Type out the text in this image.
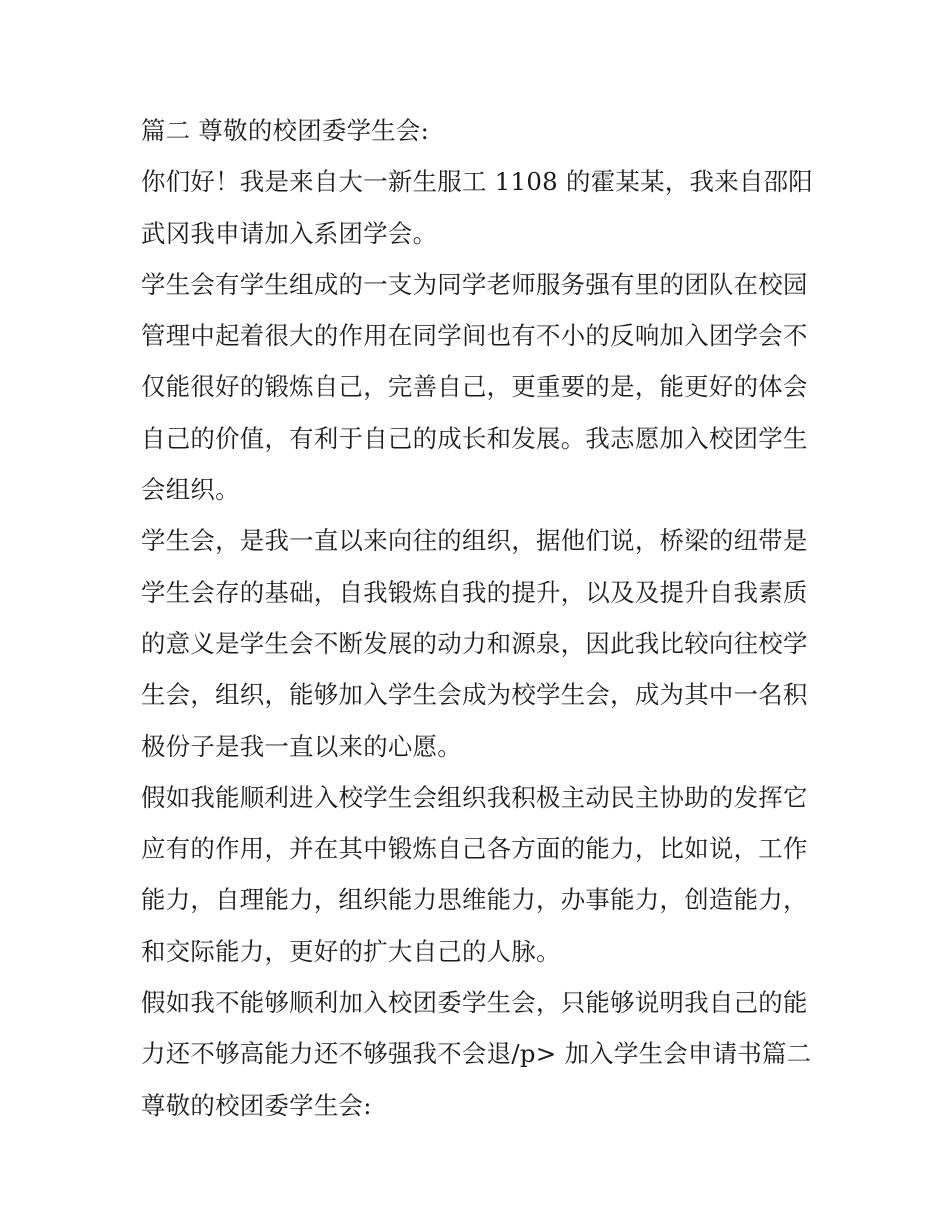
篇二 尊敬的校团委学生会:
你们好！我是来自大一新生服工 1108 的霍某某，我来自邵阳
武冈我申请加入系团学会。
学生会有学生组成的一支为同学老师服务强有里的团队在校园
管理中起着很大的作用在同学间也有不小的反响加入团学会不
仅能很好的锻炼自己，完善自己，更重要的是，能更好的体会
自己的价值，有利于自己的成长和发展。我志愿加入校团学生
会组织。
学生会，是我一直以来向往的组织，据他们说，桥梁的纽带是
学生会存的基础，自我锻炼自我的提升，以及及提升自我素质
的意义是学生会不断发展的动力和源泉，因此我比较向往校学
生会，组织，能够加入学生会成为校学生会，成为其中一名积
极份子是我一直以来的心愿。
假如我能顺利进入校学生会组织我积极主动民主协助的发挥它
应有的作用，并在其中锻炼自己各方面的能力，比如说，工作
能力，自理能力，组织能力思维能力，办事能力，创造能力，
和交际能力，更好的扩大自己的人脉。
假如我不能够顺利加入校团委学生会，只能够说明我自己的能
力还不够高能力还不够强我不会退/p> 加入学生会申请书篇二
尊敬的校团委学生会:
